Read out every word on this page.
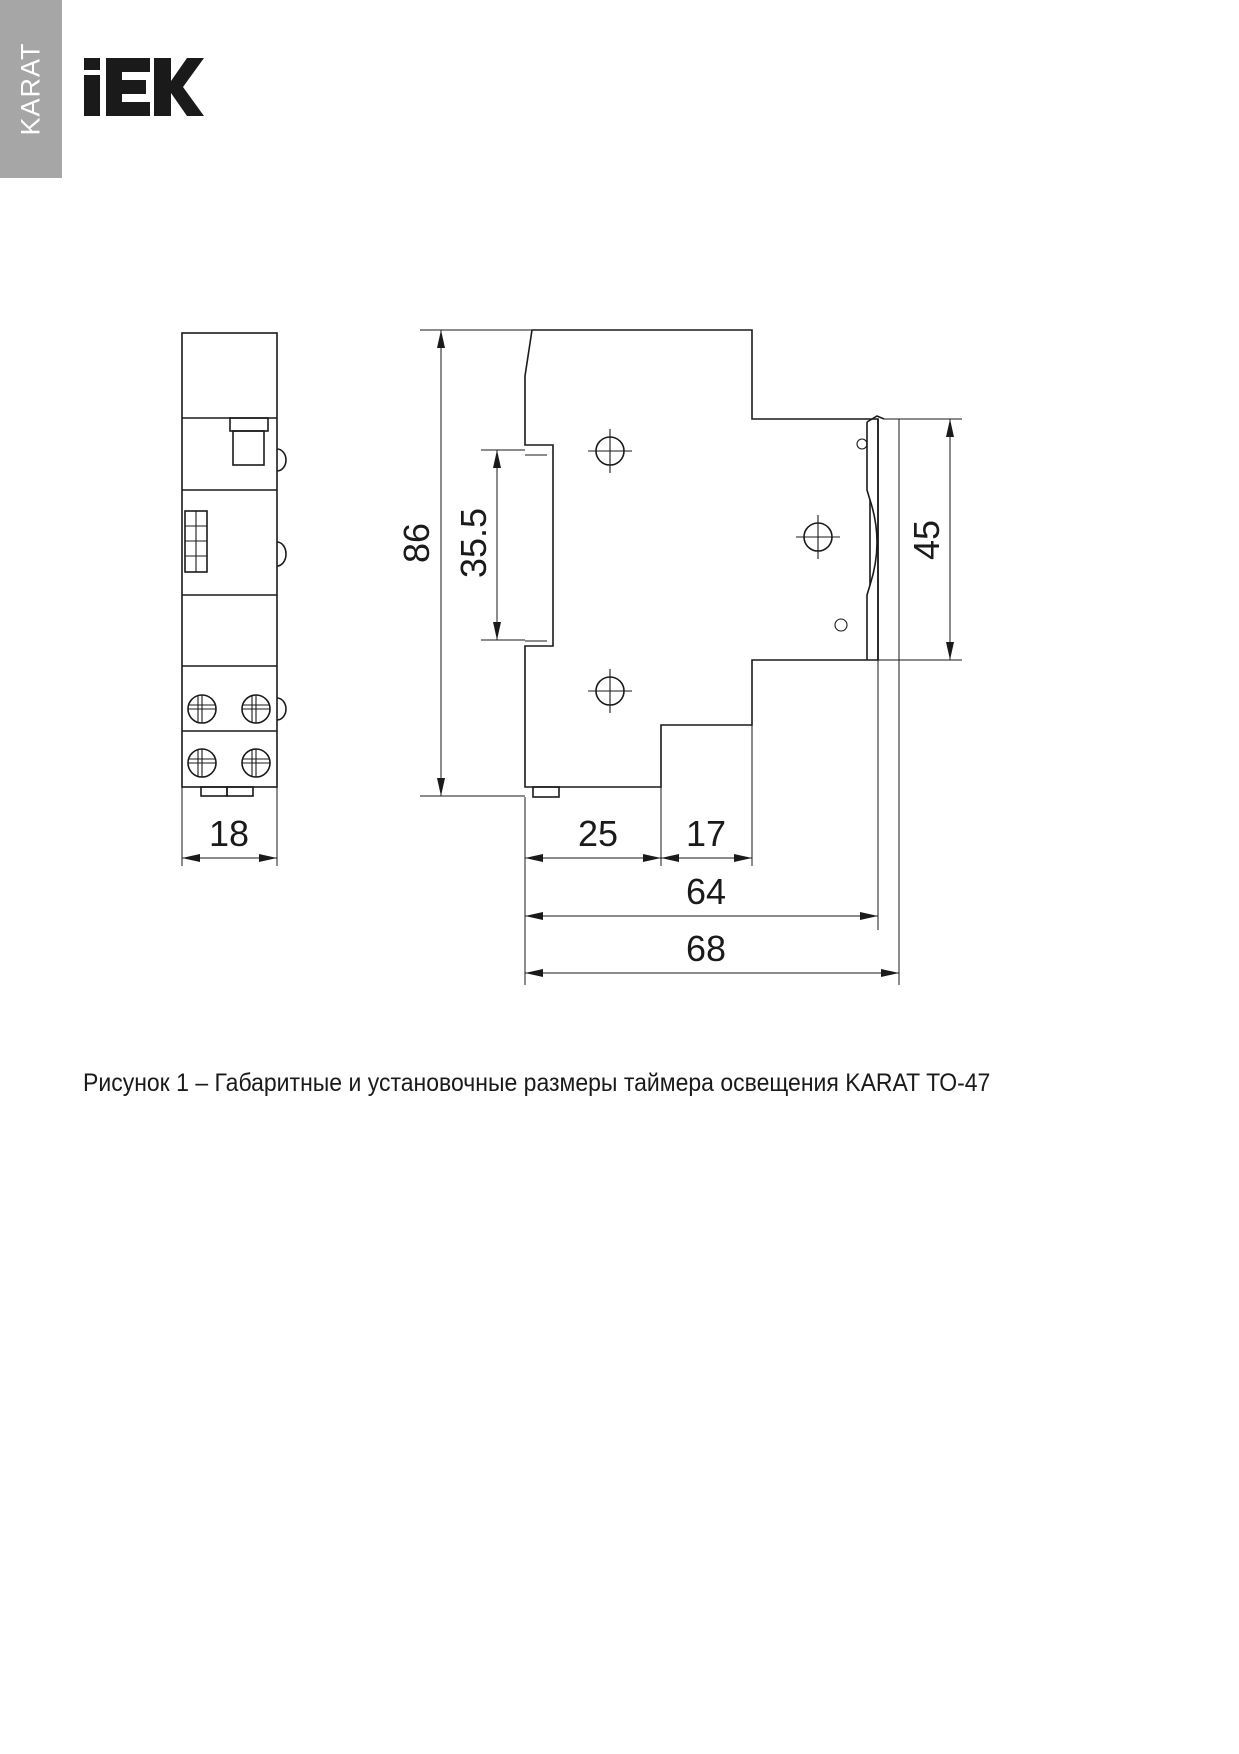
KARAT
18
86 35.5	45
25 17
64
68
Рисунок 1 – Габаритные и установочные размеры таймера освещения KARAT ТО-47
